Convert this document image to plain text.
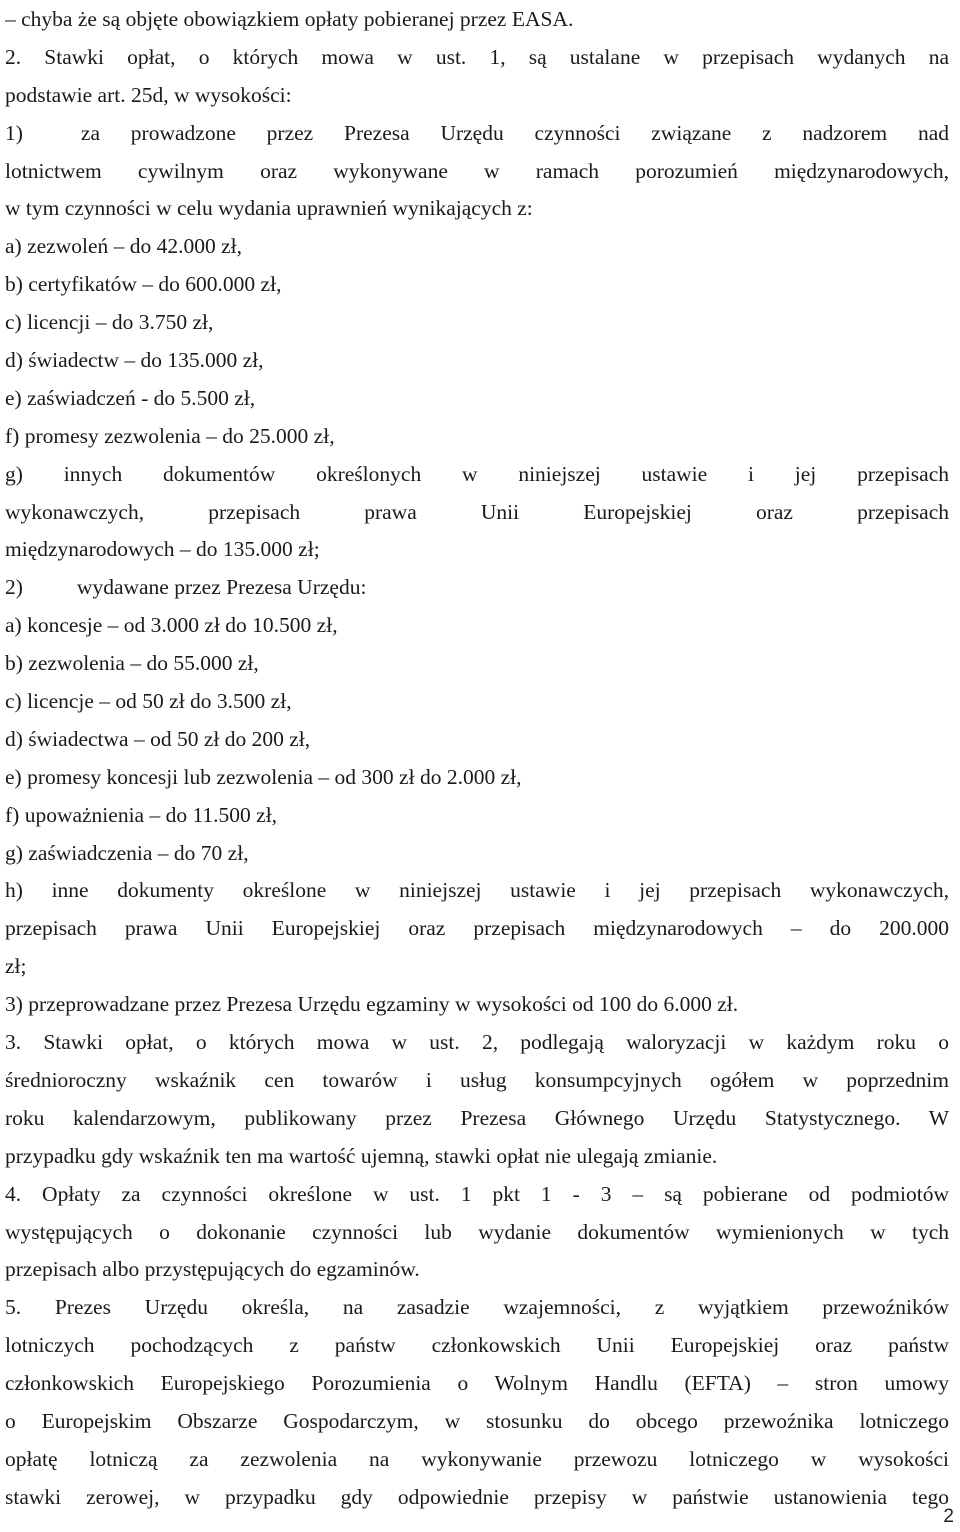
– chyba że są objęte obowiązkiem opłaty pobieranej przez EASA.
2. Stawki opłat, o których mowa w ust. 1, są ustalane w przepisach wydanych na
podstawie art. 25d, w wysokości:
1)	za prowadzone przez Prezesa Urzędu czynności związane z nadzorem nad
lotnictwem cywilnym oraz wykonywane w ramach porozumień międzynarodowych,
w tym czynności w celu wydania uprawnień wynikających z:
a) zezwoleń – do 42.000 zł,
b) certyfikatów – do 600.000 zł,
c) licencji – do 3.750 zł,
d) świadectw – do 135.000 zł,
e) zaświadczeń - do 5.500 zł,
f) promesy zezwolenia – do 25.000 zł,
g) innych dokumentów określonych w niniejszej ustawie i jej przepisach
wykonawczych, przepisach prawa Unii Europejskiej oraz przepisach
międzynarodowych – do 135.000 zł;
2)	wydawane przez Prezesa Urzędu:
a) koncesje – od 3.000 zł do 10.500 zł,
b) zezwolenia – do 55.000 zł,
c) licencje – od 50 zł do 3.500 zł,
d) świadectwa – od 50 zł do 200 zł,
e) promesy koncesji lub zezwolenia – od 300 zł do 2.000 zł,
f) upoważnienia – do 11.500 zł,
g) zaświadczenia – do 70 zł,
h) inne dokumenty określone w niniejszej ustawie i jej przepisach wykonawczych,
przepisach prawa Unii Europejskiej oraz przepisach międzynarodowych – do 200.000
zł;
3) przeprowadzane przez Prezesa Urzędu egzaminy w wysokości od 100 do 6.000 zł.
3. Stawki opłat, o których mowa w ust. 2, podlegają waloryzacji w każdym roku o
średnioroczny wskaźnik cen towarów i usług konsumpcyjnych ogółem w poprzednim
roku kalendarzowym, publikowany przez Prezesa Głównego Urzędu Statystycznego. W
przypadku gdy wskaźnik ten ma wartość ujemną, stawki opłat nie ulegają zmianie.
4. Opłaty za czynności określone w ust. 1 pkt 1 - 3 – są pobierane od podmiotów
występujących o dokonanie czynności lub wydanie dokumentów wymienionych w tych
przepisach albo przystępujących do egzaminów.
5. Prezes Urzędu określa, na zasadzie wzajemności, z wyjątkiem przewoźników
lotniczych pochodzących z państw członkowskich Unii Europejskiej oraz państw
członkowskich Europejskiego Porozumienia o Wolnym Handlu (EFTA) – stron umowy
o Europejskim Obszarze Gospodarczym, w stosunku do obcego przewoźnika lotniczego
opłatę lotniczą za zezwolenia na wykonywanie przewozu lotniczego w wysokości
stawki zerowej, w przypadku gdy odpowiednie przepisy w państwie ustanowienia tego
2
